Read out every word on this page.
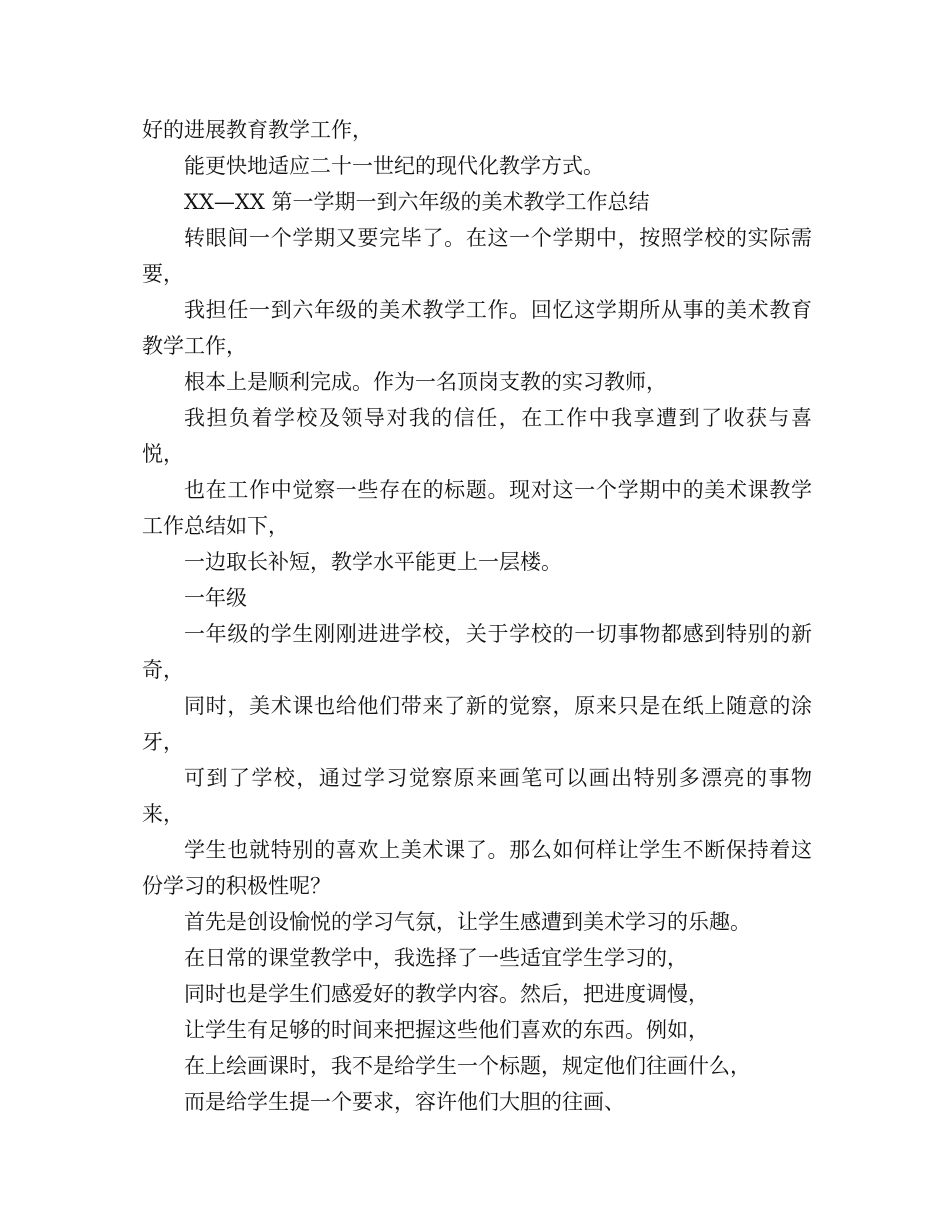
好的进展教育教学工作，

能更快地适应二十一世纪的现代化教学方式。

XX—XX 第一学期一到六年级的美术教学工作总结

转眼间一个学期又要完毕了。在这一个学期中，按照学校的实际需要，

我担任一到六年级的美术教学工作。回忆这学期所从事的美术教育教学工作，

根本上是顺利完成。作为一名顶岗支教的实习教师，

我担负着学校及领导对我的信任，在工作中我享遭到了收获与喜悦，

也在工作中觉察一些存在的标题。现对这一个学期中的美术课教学工作总结如下，

一边取长补短，教学水平能更上一层楼。

一年级

一年级的学生刚刚进进学校，关于学校的一切事物都感到特别的新奇，

同时，美术课也给他们带来了新的觉察，原来只是在纸上随意的涂牙，

可到了学校，通过学习觉察原来画笔可以画出特别多漂亮的事物来，

学生也就特别的喜欢上美术课了。那么如何样让学生不断保持着这份学习的积极性呢？

首先是创设愉悦的学习气氛，让学生感遭到美术学习的乐趣。

在日常的课堂教学中，我选择了一些适宜学生学习的，

同时也是学生们感爱好的教学内容。然后，把进度调慢，

让学生有足够的时间来把握这些他们喜欢的东西。例如，

在上绘画课时，我不是给学生一个标题，规定他们往画什么，

而是给学生提一个要求，容许他们大胆的往画、
